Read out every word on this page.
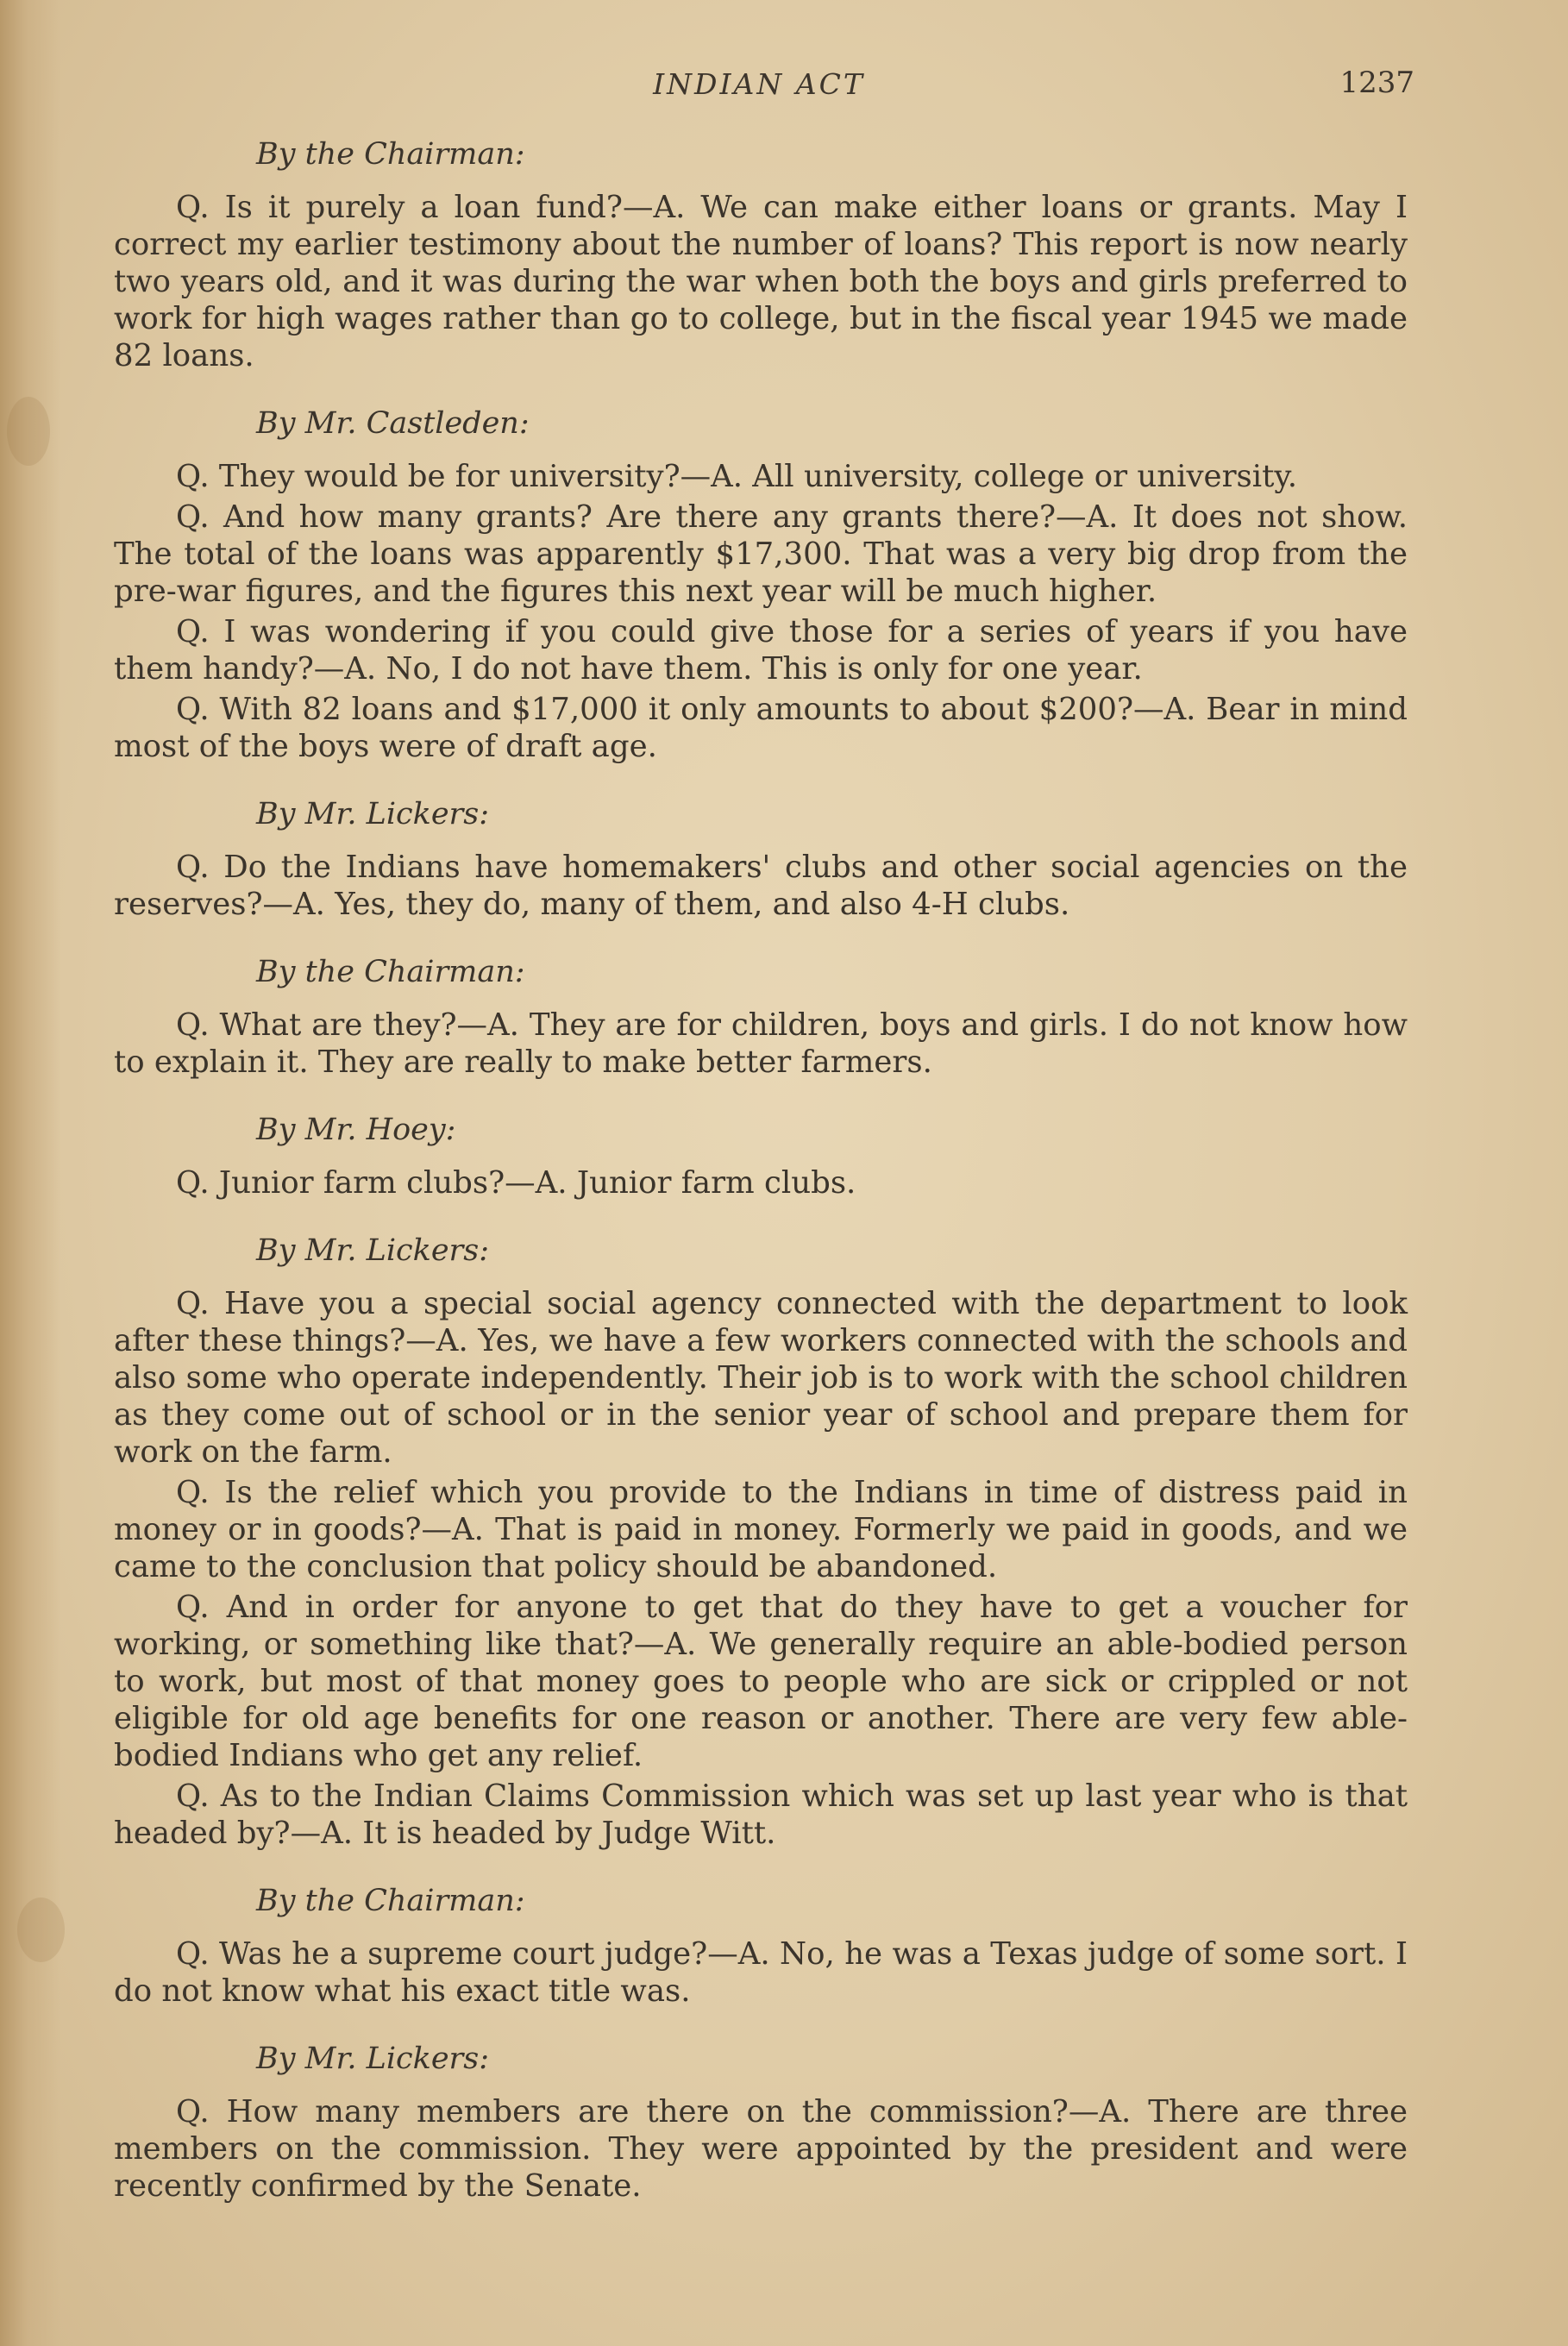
INDIAN ACT	1237
By the Chairman:

Q. Is it purely a loan fund?—A. We can make either loans or grants. May I correct my earlier testimony about the number of loans? This report is now nearly two years old, and it was during the war when both the boys and girls preferred to work for high wages rather than go to college, but in the fiscal year 1945 we made 82 loans.

By Mr. Castleden:

Q. They would be for university?—A. All university, college or university.

Q. And how many grants? Are there any grants there?—A. It does not show. The total of the loans was apparently $17,300. That was a very big drop from the pre-war figures, and the figures this next year will be much higher.

Q. I was wondering if you could give those for a series of years if you have them handy?—A. No, I do not have them. This is only for one year.

Q. With 82 loans and $17,000 it only amounts to about $200?—A. Bear in mind most of the boys were of draft age.

By Mr. Lickers:

Q. Do the Indians have homemakers' clubs and other social agencies on the reserves?—A. Yes, they do, many of them, and also 4-H clubs.

By the Chairman:

Q. What are they?—A. They are for children, boys and girls. I do not know how to explain it. They are really to make better farmers.

By Mr. Hoey:

Q. Junior farm clubs?—A. Junior farm clubs.

By Mr. Lickers:

Q. Have you a special social agency connected with the department to look after these things?—A. Yes, we have a few workers connected with the schools and also some who operate independently. Their job is to work with the school children as they come out of school or in the senior year of school and prepare them for work on the farm.

Q. Is the relief which you provide to the Indians in time of distress paid in money or in goods?—A. That is paid in money. Formerly we paid in goods, and we came to the conclusion that policy should be abandoned.

Q. And in order for anyone to get that do they have to get a voucher for working, or something like that?—A. We generally require an able-bodied person to work, but most of that money goes to people who are sick or crippled or not eligible for old age benefits for one reason or another. There are very few able-bodied Indians who get any relief.

Q. As to the Indian Claims Commission which was set up last year who is that headed by?—A. It is headed by Judge Witt.

By the Chairman:

Q. Was he a supreme court judge?—A. No, he was a Texas judge of some sort. I do not know what his exact title was.

By Mr. Lickers:

Q. How many members are there on the commission?—A. There are three members on the commission. They were appointed by the president and were recently confirmed by the Senate.
